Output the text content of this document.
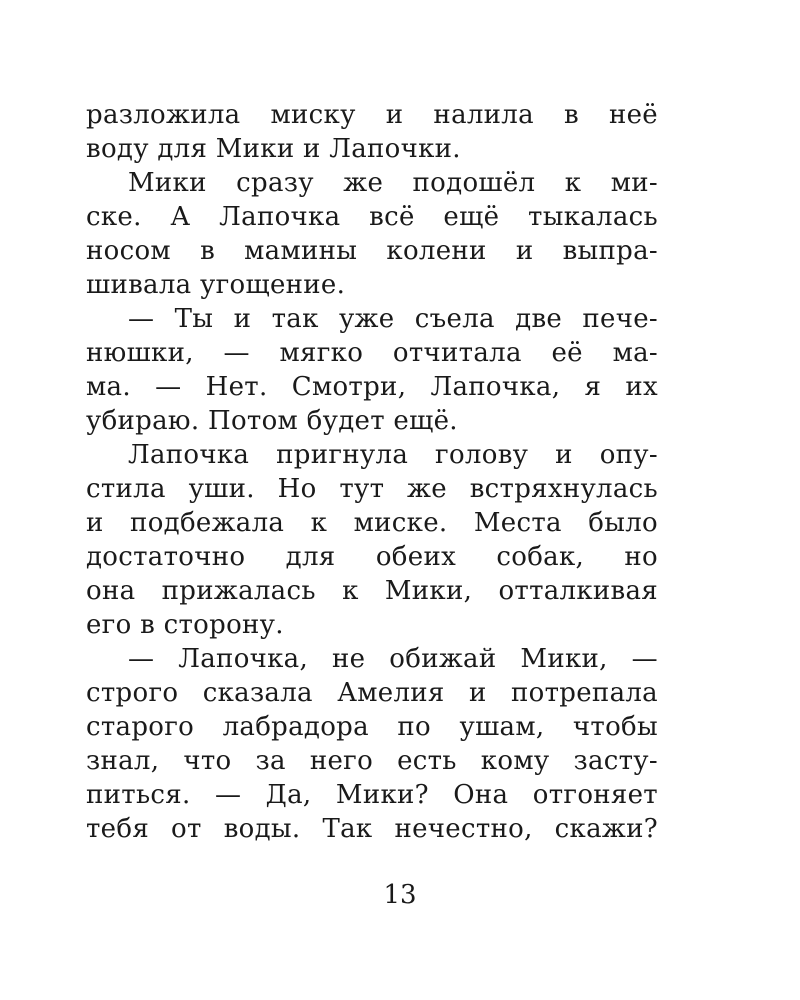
разложила миску и налила в неё
воду для Мики и Лапочки.
Мики сразу же подошёл к ми-
ске. А Лапочка всё ещё тыкалась
носом в мамины колени и выпра-
шивала угощение.
— Ты и так уже съела две пече-
нюшки, — мягко отчитала её ма-
ма. — Нет. Смотри, Лапочка, я их
убираю. Потом будет ещё.
Лапочка пригнула голову и опу-
стила уши. Но тут же встряхнулась
и подбежала к миске. Места было
достаточно для обеих собак, но
она прижалась к Мики, отталкивая
его в сторону.
— Лапочка, не обижай Мики, —
строго сказала Амелия и потрепала
старого лабрадора по ушам, чтобы
знал, что за него есть кому засту-
питься. — Да, Мики? Она отгоняет
тебя от воды. Так нечестно, скажи?
13
